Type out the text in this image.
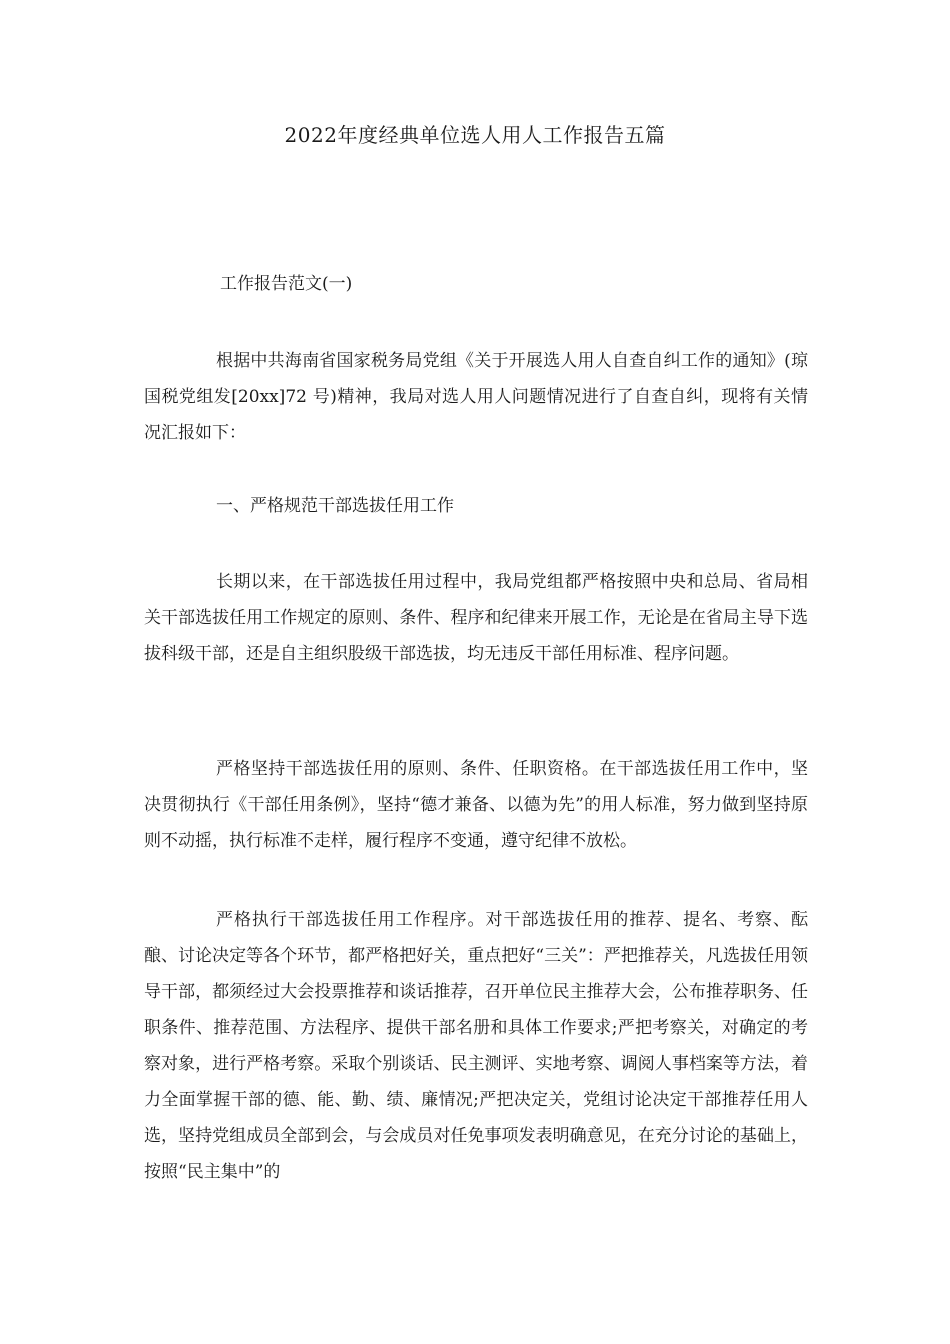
2022年度经典单位选人用人工作报告五篇
工作报告范文(一)

根据中共海南省国家税务局党组《关于开展选人用人自查自纠工作的通知》(琼国税党组发[20xx]72 号)精神，我局对选人用人问题情况进行了自查自纠，现将有关情况汇报如下：

一、严格规范干部选拔任用工作

长期以来，在干部选拔任用过程中，我局党组都严格按照中央和总局、省局相关干部选拔任用工作规定的原则、条件、程序和纪律来开展工作，无论是在省局主导下选拔科级干部，还是自主组织股级干部选拔，均无违反干部任用标准、程序问题。

严格坚持干部选拔任用的原则、条件、任职资格。在干部选拔任用工作中，坚决贯彻执行《干部任用条例》，坚持“德才兼备、以德为先”的用人标准，努力做到坚持原则不动摇，执行标准不走样，履行程序不变通，遵守纪律不放松。

严格执行干部选拔任用工作程序。对干部选拔任用的推荐、提名、考察、酝酿、讨论决定等各个环节，都严格把好关，重点把好“三关”：严把推荐关，凡选拔任用领导干部，都须经过大会投票推荐和谈话推荐，召开单位民主推荐大会，公布推荐职务、任职条件、推荐范围、方法程序、提供干部名册和具体工作要求;严把考察关，对确定的考察对象，进行严格考察。采取个别谈话、民主测评、实地考察、调阅人事档案等方法，着力全面掌握干部的德、能、勤、绩、廉情况;严把决定关，党组讨论决定干部推荐任用人选，坚持党组成员全部到会，与会成员对任免事项发表明确意见，在充分讨论的基础上，按照“民主集中”的
